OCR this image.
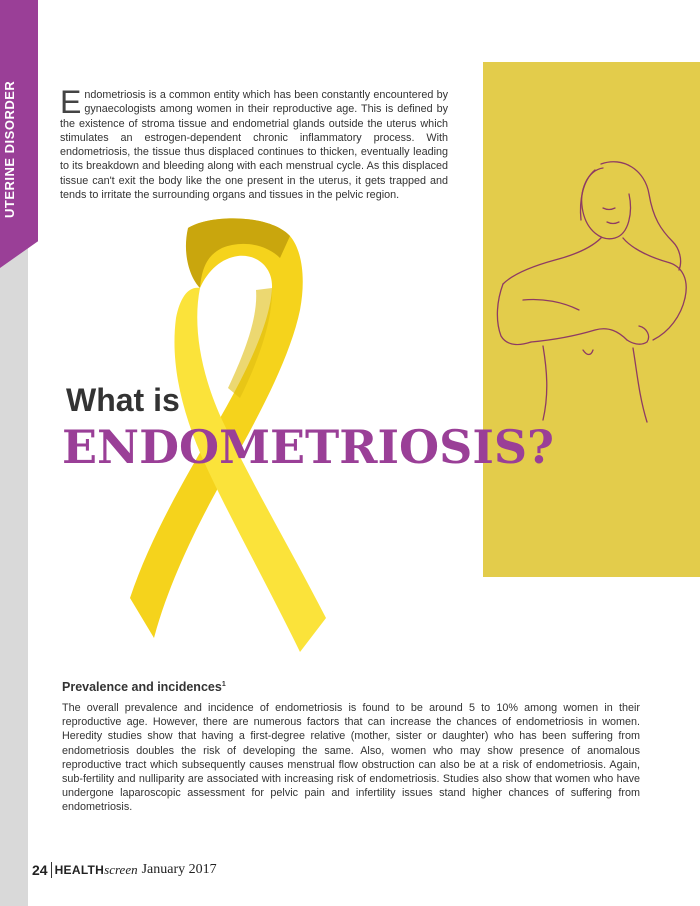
UTERINE DISORDER Endometriosis is a common entity which has been constantly encountered by gynaecologists among women in their reproductive age. This is defined by the existence of stroma tissue and endometrial glands outside the uterus which stimulates an estrogen-dependent chronic inflammatory process. With endometriosis, the tissue thus displaced continues to thicken, eventually leading to its breakdown and bleeding along with each menstrual cycle. As this displaced tissue can't exit the body like the one present in the uterus, it gets trapped and tends to irritate the surrounding organs and tissues in the pelvic region.

What is
ENDOMETRIOSIS?
Prevalence and incidences$^1$

The overall prevalence and incidence of endometriosis is found to be around 5 to 10% among women in their reproductive age. However, there are numerous factors that can increase the chances of endometriosis in women. Heredity studies show that having a first-degree relative (mother, sister or daughter) who has been suffering from endometriosis doubles the risk of developing the same. Also, women who may show presence of anomalous reproductive tract which subsequently causes menstrual flow obstruction can also be at a risk of endometriosis. Again, sub-fertility and nulliparity are associated with increasing risk of endometriosis. Studies also show that women who have undergone laparoscopic assessment for pelvic pain and infertility issues stand higher chances of suffering from endometriosis.

24 HEALTH screen January 2017
